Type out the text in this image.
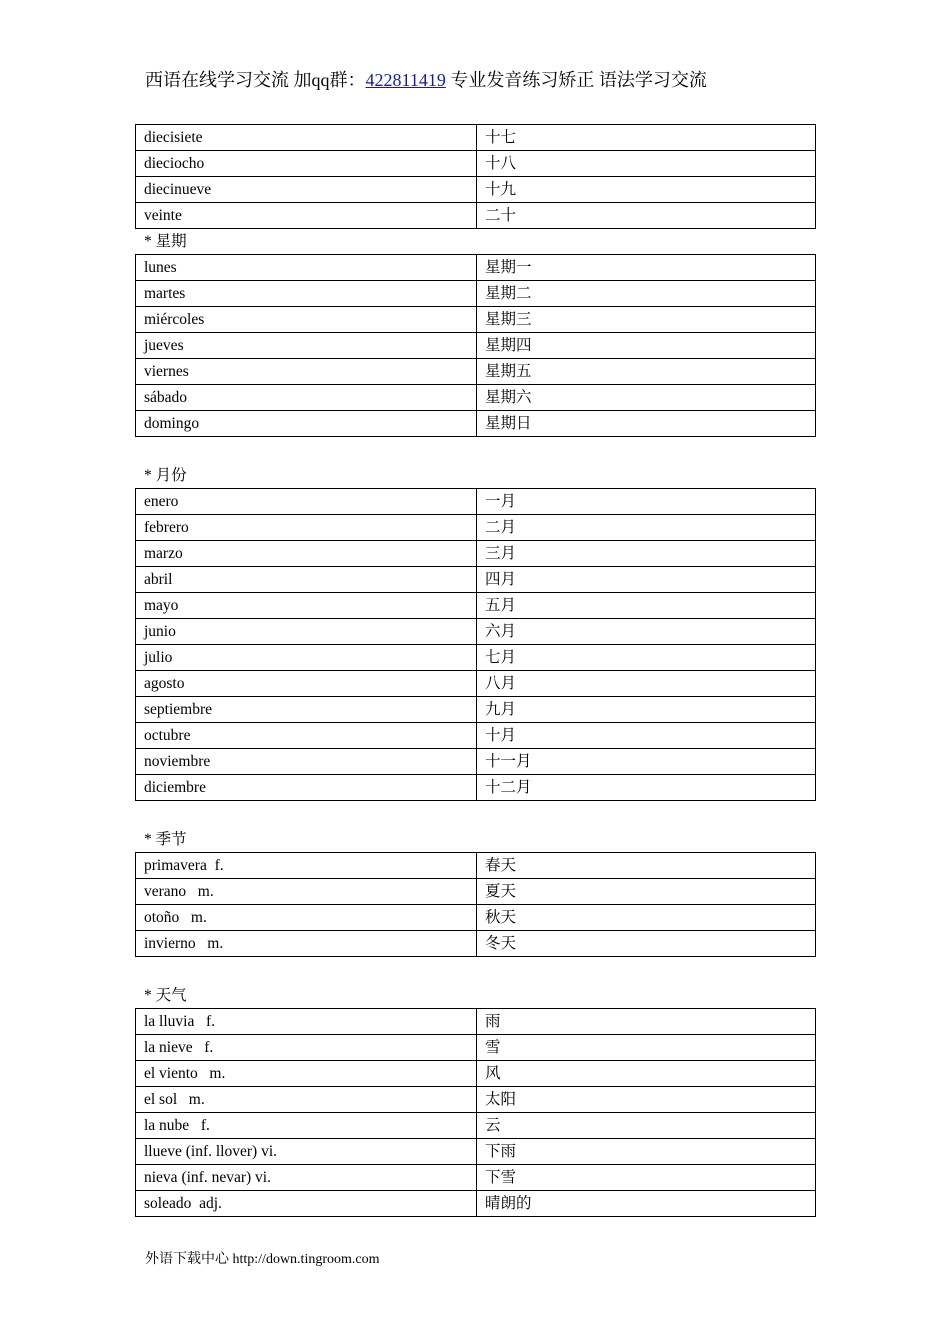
西语在线学习交流 加qq群：422811419 专业发音练习矫正 语法学习交流
diecisiete	十七
dieciocho	十八
diecinueve	十九
veinte	二十
* 星期
lunes	星期一
martes	星期二
miércoles	星期三
jueves	星期四
viernes	星期五
sábado	星期六
domingo	星期日
* 月份
enero	一月
febrero	二月
marzo	三月
abril	四月
mayo	五月
junio	六月
julio	七月
agosto	八月
septiembre	九月
octubre	十月
noviembre	十一月
diciembre	十二月
* 季节
primavera  f.	春天
verano   m.	夏天
otoño   m.	秋天
invierno   m.	冬天
* 天气
la lluvia   f.	雨
la nieve   f.	雪
el viento   m.	风
el sol   m.	太阳
la nube   f.	云
llueve (inf. llover) vi.	下雨
nieva (inf. nevar) vi.	下雪
soleado  adj.	晴朗的
外语下载中心 http://down.tingroom.com
